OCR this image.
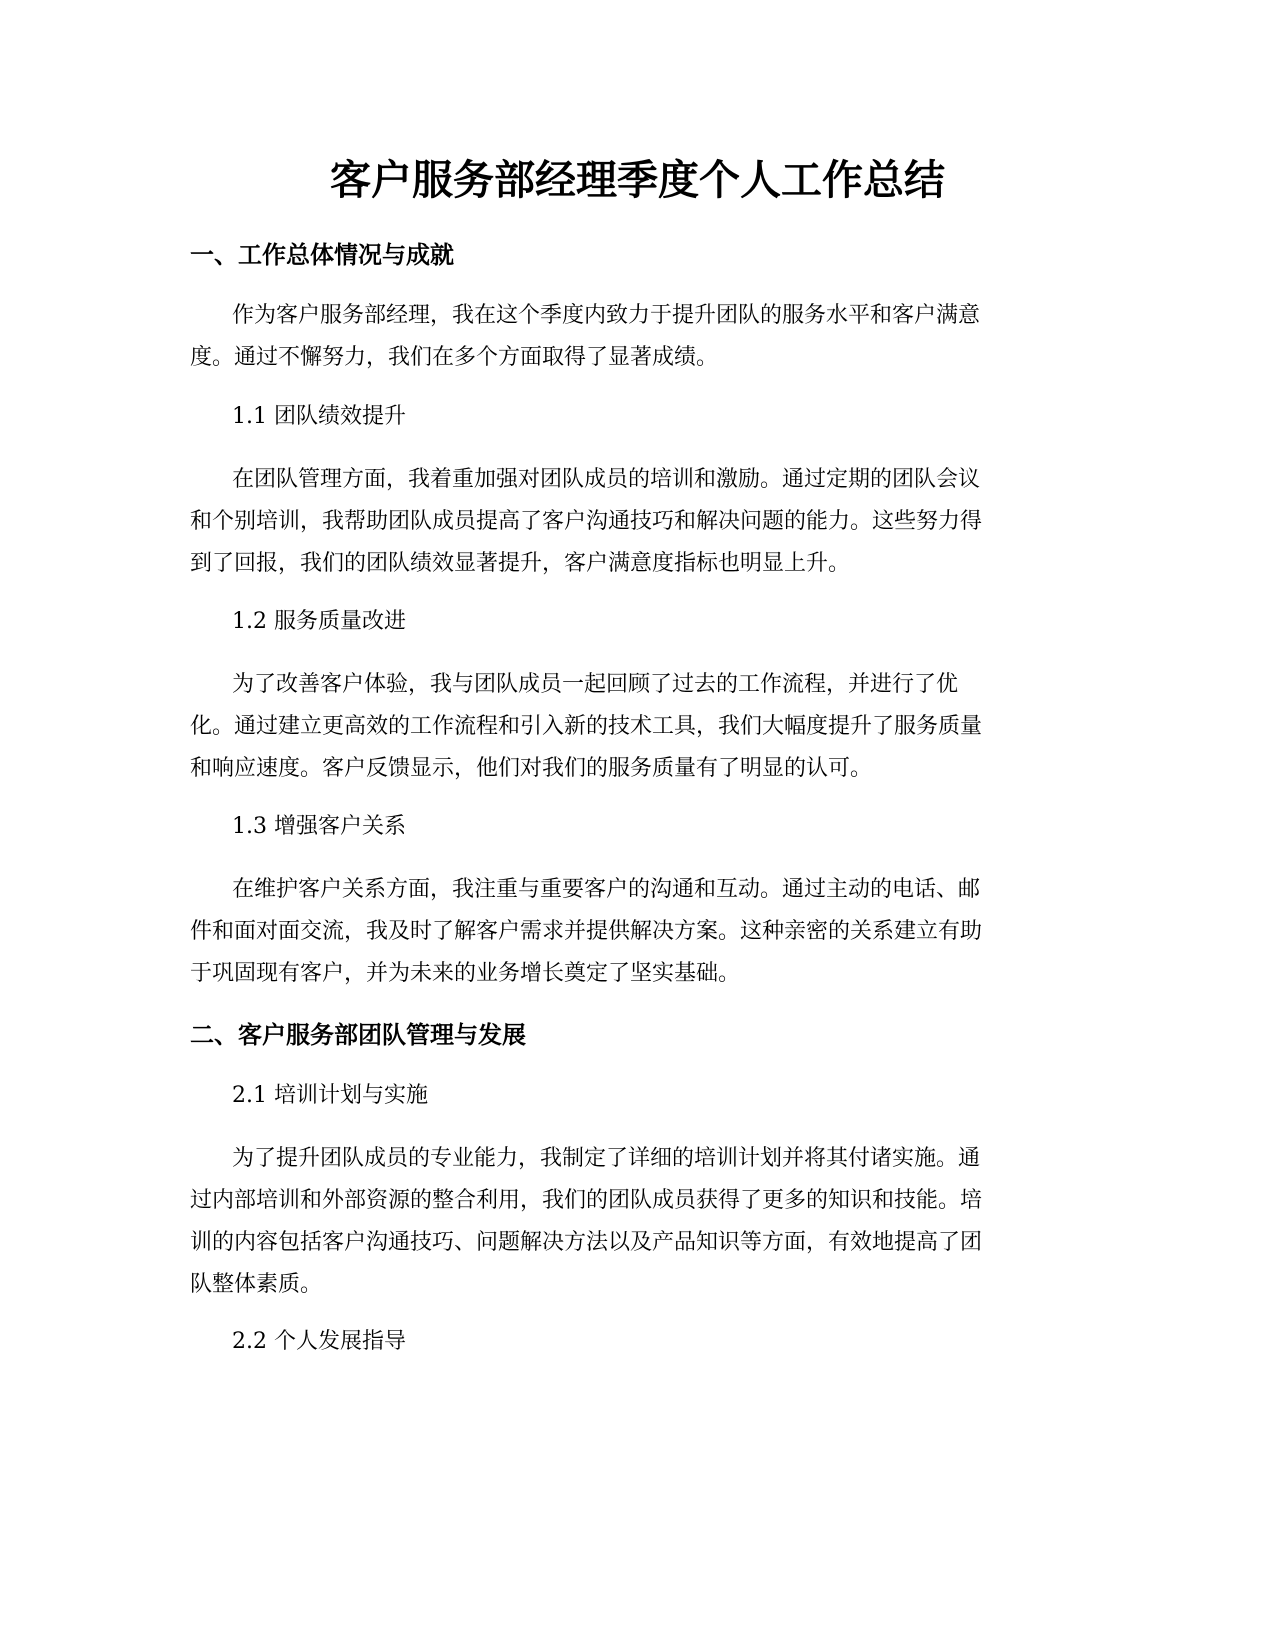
客户服务部经理季度个人工作总结
一、工作总体情况与成就
作为客户服务部经理，我在这个季度内致力于提升团队的服务水平和客户满意
度。通过不懈努力，我们在多个方面取得了显著成绩。
1.1 团队绩效提升
在团队管理方面，我着重加强对团队成员的培训和激励。通过定期的团队会议
和个别培训，我帮助团队成员提高了客户沟通技巧和解决问题的能力。这些努力得
到了回报，我们的团队绩效显著提升，客户满意度指标也明显上升。
1.2 服务质量改进
为了改善客户体验，我与团队成员一起回顾了过去的工作流程，并进行了优
化。通过建立更高效的工作流程和引入新的技术工具，我们大幅度提升了服务质量
和响应速度。客户反馈显示，他们对我们的服务质量有了明显的认可。
1.3 增强客户关系
在维护客户关系方面，我注重与重要客户的沟通和互动。通过主动的电话、邮
件和面对面交流，我及时了解客户需求并提供解决方案。这种亲密的关系建立有助
于巩固现有客户，并为未来的业务增长奠定了坚实基础。
二、客户服务部团队管理与发展
2.1 培训计划与实施
为了提升团队成员的专业能力，我制定了详细的培训计划并将其付诸实施。通
过内部培训和外部资源的整合利用，我们的团队成员获得了更多的知识和技能。培
训的内容包括客户沟通技巧、问题解决方法以及产品知识等方面，有效地提高了团
队整体素质。
2.2 个人发展指导
